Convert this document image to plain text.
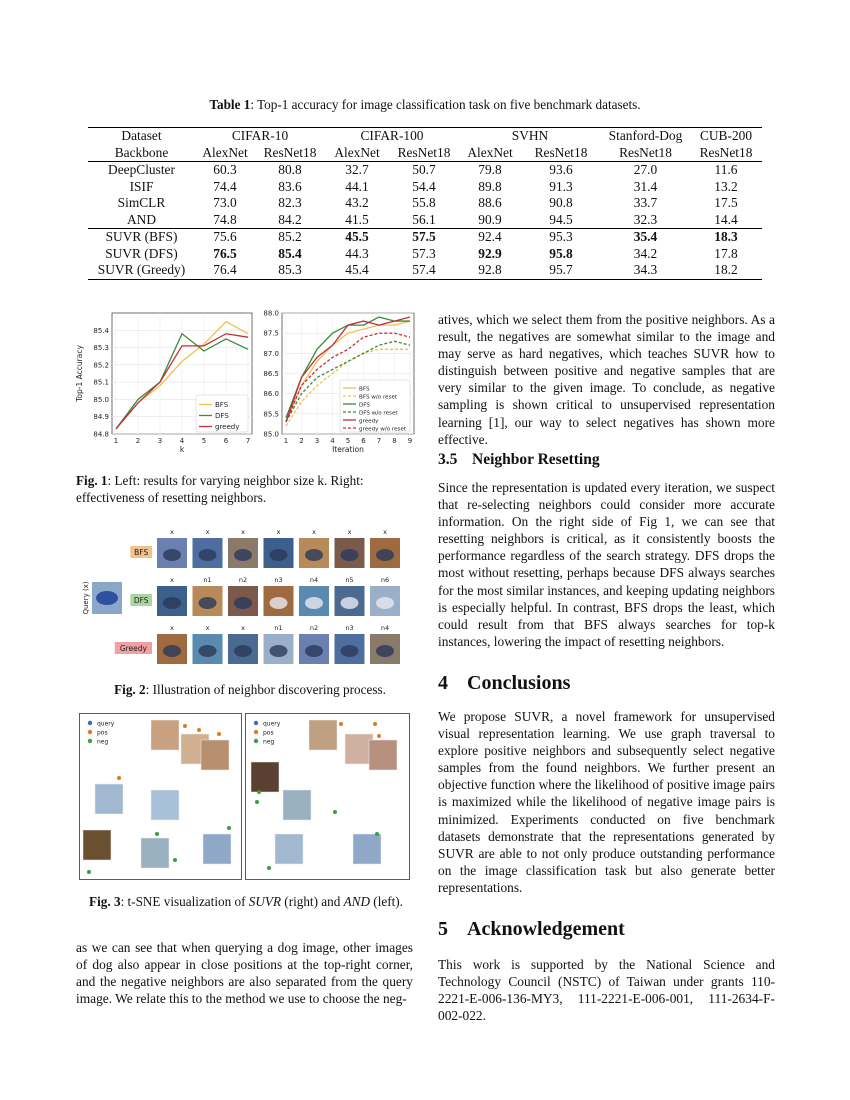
Table 1: Top-1 accuracy for image classification task on five benchmark datasets.
Dataset	CIFAR-10		CIFAR-100		SVHN		Stanford-Dog	CUB-200
Backbone	AlexNet	ResNet18	AlexNet	ResNet18	AlexNet	ResNet18	ResNet18	ResNet18
DeepCluster	60.3	80.8	32.7	50.7	79.8	93.6	27.0	11.6
ISIF	74.4	83.6	44.1	54.4	89.8	91.3	31.4	13.2
SimCLR	73.0	82.3	43.2	55.8	88.6	90.8	33.7	17.5
AND	74.8	84.2	41.5	56.1	90.9	94.5	32.3	14.4
SUVR (BFS)	75.6	85.2	45.5	57.5	92.4	95.3	35.4	18.3
SUVR (DFS)	76.5	85.4	44.3	57.3	92.9	95.8	34.2	17.8
SUVR (Greedy)	76.4	85.3	45.4	57.4	92.8	95.7	34.3	18.2
84.8
84.9
85.0
85.1
85.2
85.3
85.4
1	2	3	4	5	6	7
k
Top-1 Accuracy
BFS
DFS
greedy
85.0
85.5
86.0
86.5
87.0
87.5
88.0
1 2 3 4 5 6 7 8 9
Iteration
BFS
BFS w/o reset
DFS
DFS w/o reset
greedy
greedy w/o reset
Fig. 1: Left: results for varying neighbor size k. Right: effectiveness of resetting neighbors.
Query (x)
BFS
x	x	x	x	x	x	x
DFS
x	n1	n2	n3	n4	n5	n6
Greedy
x	x	x	n1	n2	n3	n4
Fig. 2: Illustration of neighbor discovering process.
query
pos
neg
query
pos
neg
Fig. 3: t-SNE visualization of SUVR (right) and AND (left).
as we can see that when querying a dog image, other images of dog also appear in close positions at the top-right corner, and the negative neighbors are also separated from the query image. We relate this to the method we use to choose the neg-
atives, which we select them from the positive neighbors. As a result, the negatives are somewhat similar to the image and may serve as hard negatives, which teaches SUVR how to distinguish between positive and negative samples that are very similar to the given image. To conclude, as negative sampling is shown critical to unsupervised representation learning [1], our way to select negatives has shown more effective.
3.5 Neighbor Resetting
Since the representation is updated every iteration, we suspect that re-selecting neighbors could consider more accurate information. On the right side of Fig 1, we can see that resetting neighbors is critical, as it consistently boosts the performance regardless of the search strategy. DFS drops the most without resetting, perhaps because DFS always searches for the most similar instances, and keeping updating neighbors is especially helpful. In contrast, BFS drops the least, which could result from that BFS always searches for top-k instances, lowering the impact of resetting neighbors.
4 Conclusions
We propose SUVR, a novel framework for unsupervised visual representation learning. We use graph traversal to explore positive neighbors and subsequently select negative samples from the found neighbors. We further present an objective function where the likelihood of positive image pairs is maximized while the likelihood of negative image pairs is minimized. Experiments conducted on five benchmark datasets demonstrate that the representations generated by SUVR are able to not only produce outstanding performance on the image classification task but also generate better representations.
5 Acknowledgement
This work is supported by the National Science and Technology Council (NSTC) of Taiwan under grants 110-2221-E-006-136-MY3, 111-2221-E-006-001, 111-2634-F-002-022.
